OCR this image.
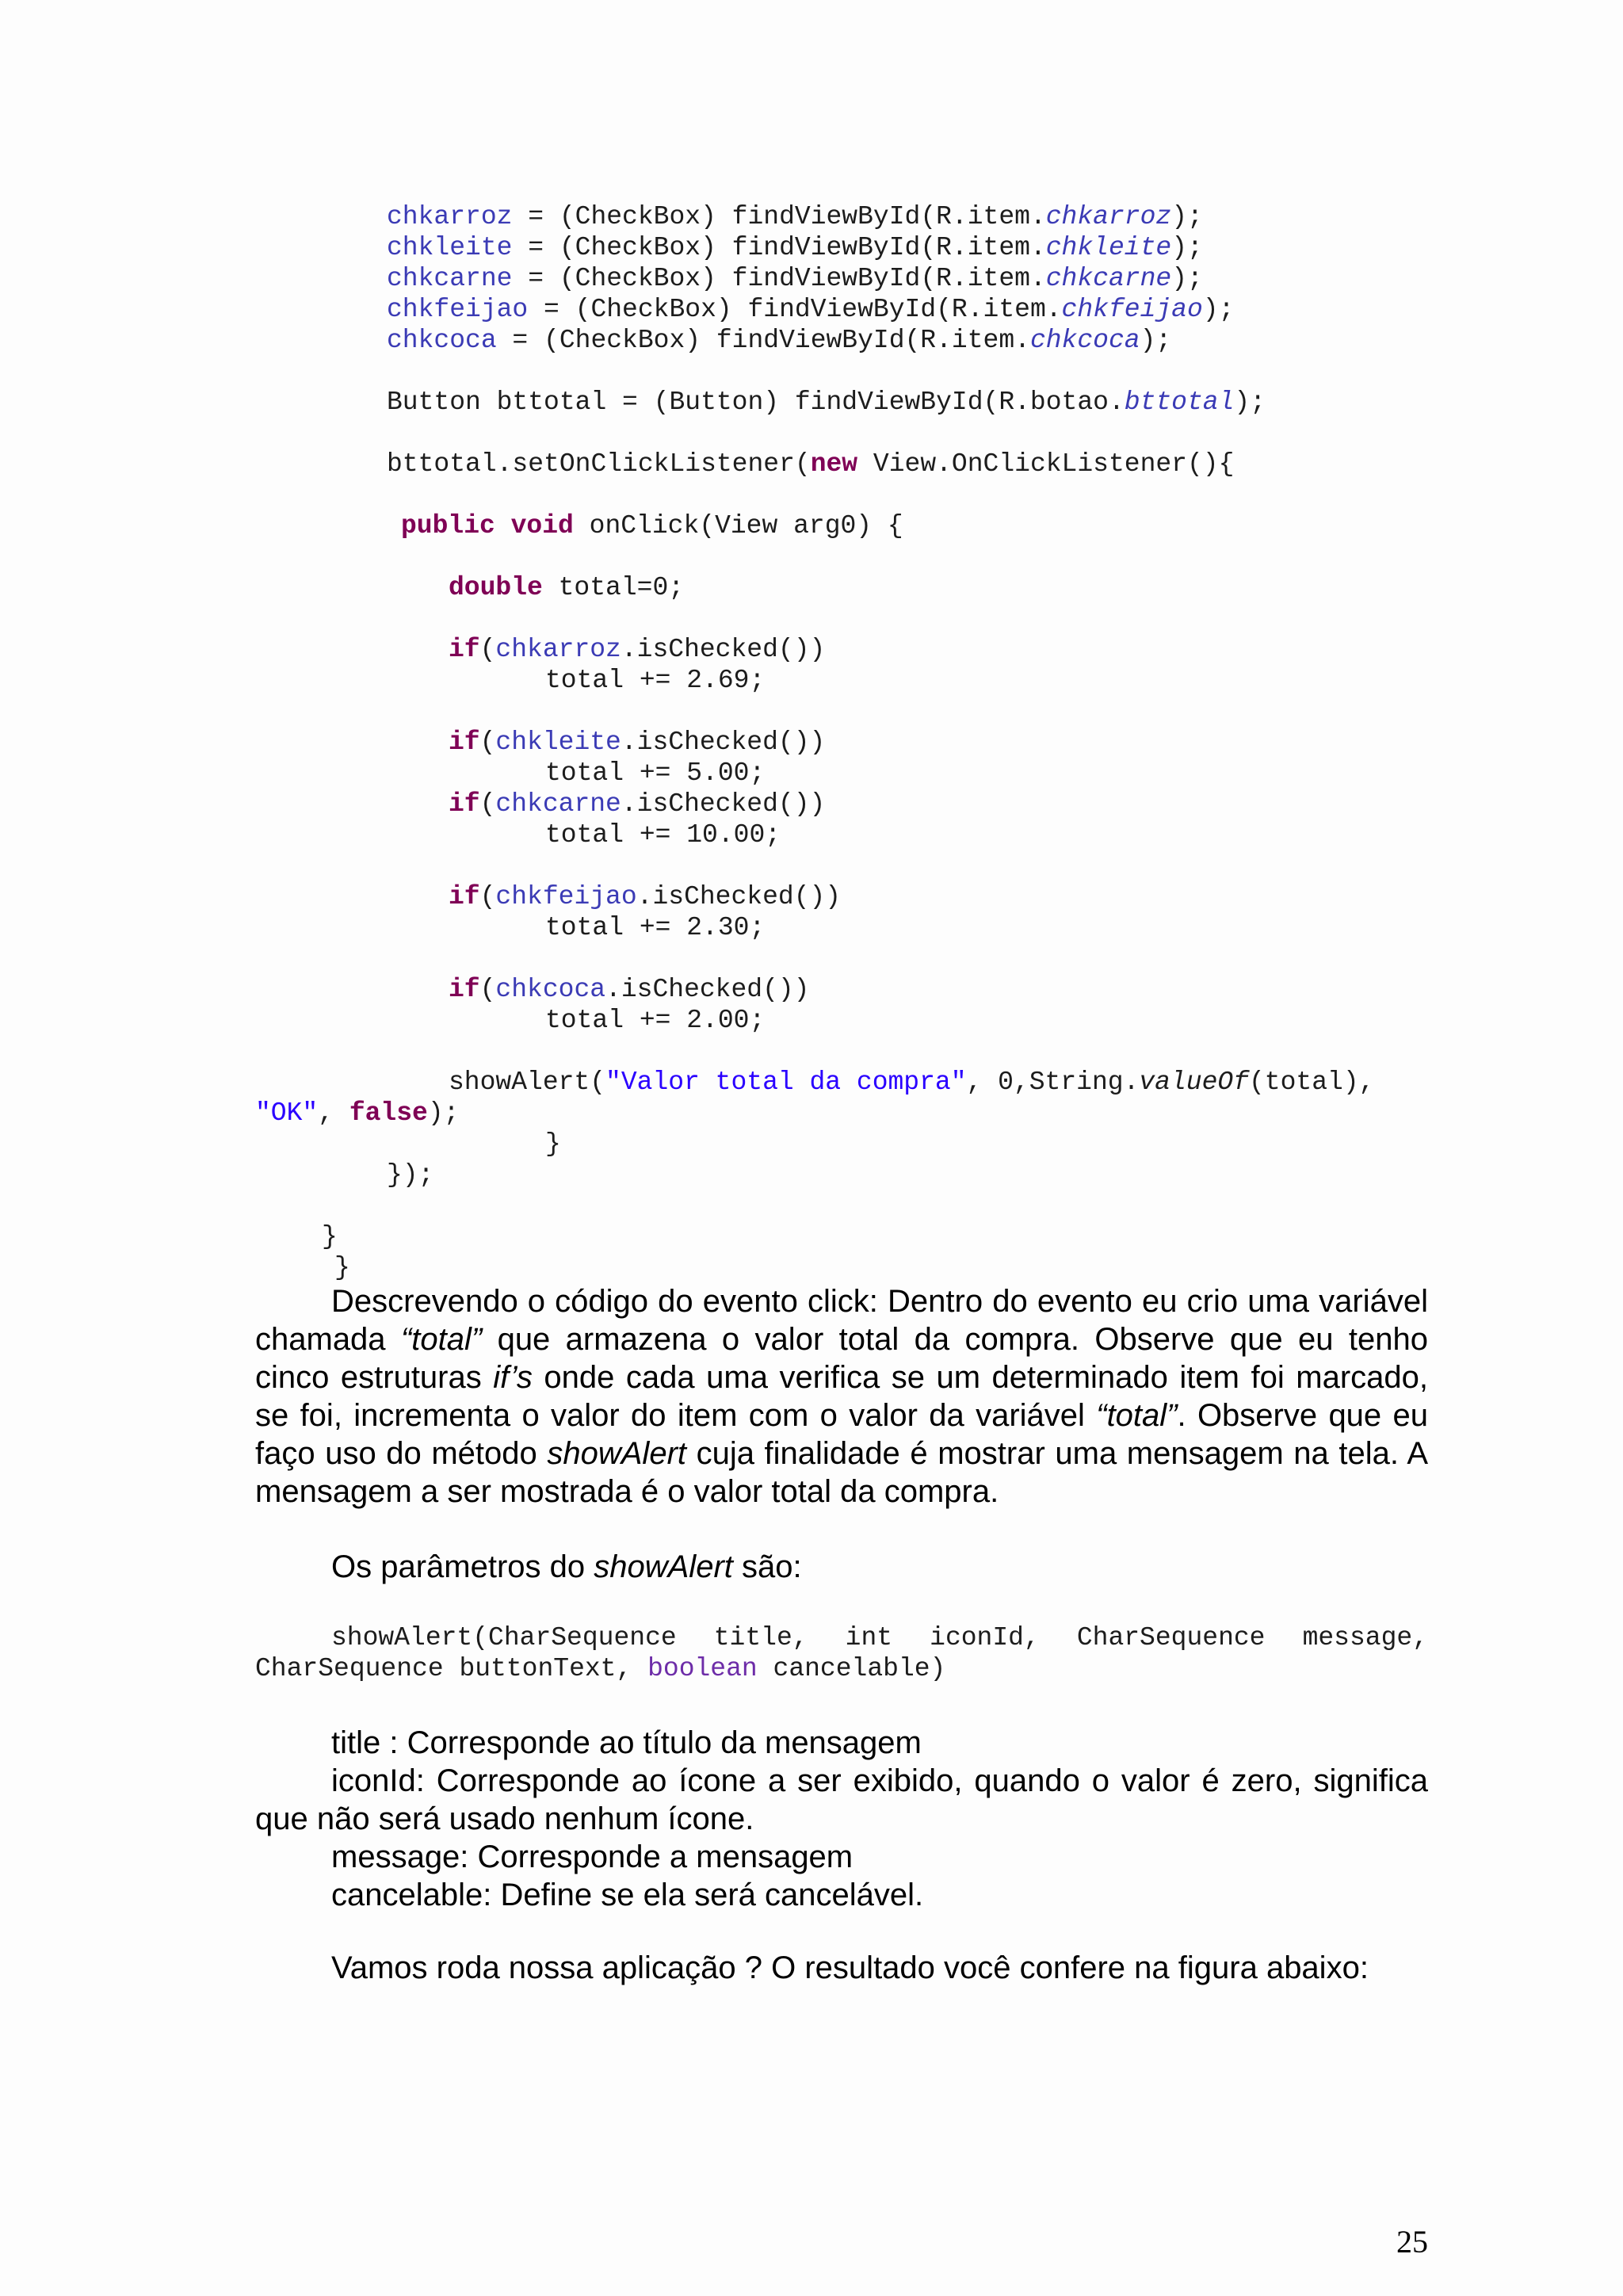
chkarroz = (CheckBox) findViewById(R.item.chkarroz);
chkleite = (CheckBox) findViewById(R.item.chkleite);
chkcarne = (CheckBox) findViewById(R.item.chkcarne);
chkfeijao = (CheckBox) findViewById(R.item.chkfeijao);
chkcoca = (CheckBox) findViewById(R.item.chkcoca);
Button bttotal = (Button) findViewById(R.botao.bttotal);
bttotal.setOnClickListener(new View.OnClickListener(){
public void onClick(View arg0) {
double total=0;
if(chkarroz.isChecked())
total += 2.69;
if(chkleite.isChecked())
total += 5.00;
if(chkcarne.isChecked())
total += 10.00;
if(chkfeijao.isChecked())
total += 2.30;
if(chkcoca.isChecked())
total += 2.00;
showAlert("Valor total da compra", 0,String.valueOf(total),
"OK", false);
}
});
}
}

Descrevendo o código do evento click: Dentro do evento eu crio uma variável chamada “total” que armazena o valor total da compra. Observe que eu tenho cinco estruturas if’s onde cada uma verifica se um determinado item foi marcado, se foi, incrementa o valor do item com o valor da variável “total”. Observe que eu faço uso do método showAlert cuja finalidade é mostrar uma mensagem na tela. A mensagem a ser mostrada é o valor total da compra.

Os parâmetros do showAlert são:

showAlert(CharSequence title, int iconId, CharSequence message, CharSequence buttonText, boolean cancelable)

title : Corresponde ao título da mensagem

iconId: Corresponde ao ícone a ser exibido, quando o valor é zero, significa que não será usado nenhum ícone.

message: Corresponde a mensagem

cancelable: Define se ela será cancelável.

Vamos roda nossa aplicação ? O resultado você confere na figura abaixo:

25
